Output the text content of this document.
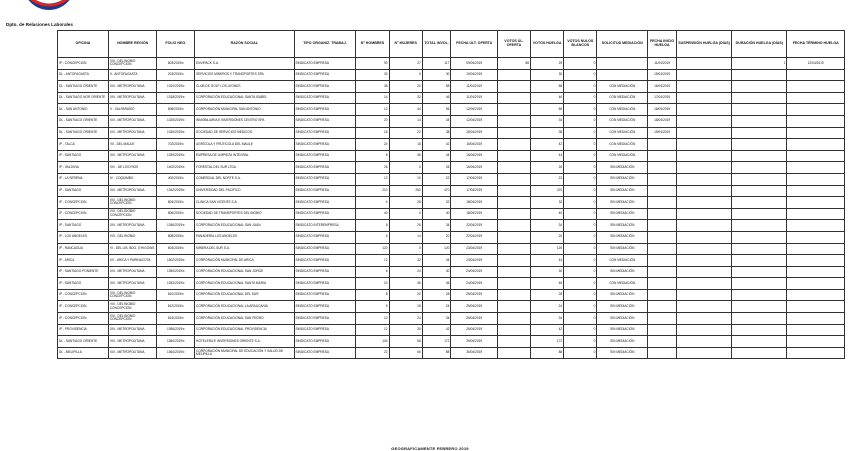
Dpto. de Relaciones Laborales
OFICINA	NOMBRE REGIÓN	FOLIO NEG.	RAZÓN SOCIAL	TIPO ORGANIZ. TRABAJ.	N° HOMBRES	N° MUJERES	TOTAL INVOL.	FECHA ÚLT. OFERTA	VOTOS ÚL. OFERTA	VOTOS HUELGA	VOTOS NULOS BLANCOS	SOLICITUD MEDIACIÓN	FECHA INICIO HUELGA	SUSPENSIÓN HUELGA (DÍAS)	DURACIÓN HUELGA (DÍAS)	FECHA TÉRMINO HUELGA
IP - CONCEPCION	VIII - DEL BIOBIO CONCEPCION	803/2019/x	ENVIPACK S.A.	SINDICATO EMPRESA	90	27	117	09/04/2019	88	29	0		11/04/2019		1	12/04/2019
DL - ANTOFAGASTA	II - ANTOFAGASTA	203/2019/x	SERVICIOS MINEROS Y TRANSPORTES SPA	SINDICATO EMPRESA	30	0	30	10/04/2019		30	0		15/04/2019			
DL - SANTIAGO ORIENTE	XIII - METROPOLITANA	1310/2019/x	CLUB DE GOLF LOS LEONES	SINDICATO EMPRESA	38	20	58	11/04/2019		58	0	CON MEDIACIÓN	16/04/2019			
DL - SANTIAGO NOR ORIENTE	XIII - METROPOLITANA	1318/2019/x	CORPORACIÓN EDUCACIONAL SANTA ISABEL	SINDICATO EMPRESA	14	32	46	11/04/2019		46	0	CON MEDIACIÓN	17/04/2019			
DL - SAN ANTONIO	V - VALPARAÍSO	508/2019/x	CORPORACIÓN MUNICIPAL SAN ANTONIO	SINDICATO EMPRESA	12	44	56	12/04/2019		56	0	CON MEDIACIÓN	18/04/2019			
DL - SANTIAGO ORIENTE	XIII - METROPOLITANA	1325/2019/x	INMOBILIARIA E INVERSIONES CENTRO SPA	SINDICATO EMPRESA	20	14	34	12/04/2019		34	0	CON MEDIACIÓN	18/04/2019			
DL - SANTIAGO ORIENTE	XIII - METROPOLITANA	1330/2019/x	SOCIEDAD DE SERVICIOS MEDICOS	SINDICATO EMPRESA	16	22	38	15/04/2019		38	0	CON MEDIACIÓN	19/04/2019			
IP - TALCA	VII - DEL MAULE	702/2019/x	AGRÍCOLA Y FRUTICOLA DEL MAULE	SINDICATO EMPRESA	24	18	42	15/04/2019		42	0	CON MEDIACIÓN				
IP - SANTIAGO	XIII - METROPOLITANA	1339/2019/x	EMPRESA DE LIMPIEZA INTEGRAL	SINDICATO EMPRESA	8	36	44	16/04/2019		44	0	CON MEDIACIÓN				
IP - VALDIVIA	XIV - DE LOS RIOS	1402/2019/x	FORESTAL DEL SUR LTDA.	SINDICATO EMPRESA	26	0	26	16/04/2019		26	0	SIN MEDIACIÓN				
IP - LA SERENA	IV - COQUIMBO	402/2019/x	COMERCIAL DEL NORTE S.A.	SINDICATO EMPRESA	12	10	22	17/04/2019		22	0	SIN MEDIACIÓN				
IP - SANTIAGO	XIII - METROPOLITANA	1342/2019/x	UNIVERSIDAD DEL PACIFICO	SINDICATO EMPRESA	210	260	470	17/04/2019		470	0	SIN MEDIACIÓN				
IP - CONCEPCION	VIII - DEL BIOBIO CONCEPCION	804/2019/x	CLINICA SAN VICENTE S.A.	SINDICATO EMPRESA	4	28	32	18/04/2019		32	0	SIN MEDIACIÓN				
IP - CONCEPCION	VIII - DEL BIOBIO CONCEPCION	806/2019/x	SOCIEDAD DE TRANSPORTES DEL BIOBIO	SINDICATO EMPRESA	40	0	40	18/04/2019		40	0	SIN MEDIACIÓN				
IP - SANTIAGO	XIII - METROPOLITANA	1346/2019/x	CORPORACIÓN EDUCACIONAL SAN JUAN	SINDICATO INTEREMPRESA	8	26	34	22/04/2019		34	0	SIN MEDIACIÓN				
IP - LOS ANGELES	VIII - DEL BIOBIO	808/2019/x	PANADERIA LOS ANGELES	SINDICATO EMPRESA	6	14	20	22/04/2019		20	0	SIN MEDIACIÓN				
IP - RANCAGUA	VI - DEL LIB. BDO. O'HIGGINS	604/2019/x	MINERA DEL SUR S.A.	SINDICATO EMPRESA	120	0	120	23/04/2019		120	0	SIN MEDIACIÓN				
IP - ARICA	XV - ARICA Y PARINACOTA	1502/2019/x	CORPORACIÓN MUNICIPAL DE ARICA	SINDICATO EMPRESA	12	32	44	23/04/2019		44	0	CON MEDIACIÓN				
IP - SANTIAGO PONIENTE	XIII - METROPOLITANA	1350/2019/x	CORPORACIÓN EDUCACIONAL SAN JORGE	SINDICATO EMPRESA	6	24	30	24/04/2019		30	0	SIN MEDIACIÓN				
IP - SANTIAGO	XIII - METROPOLITANA	1353/2019/x	CORPORACIÓN EDUCACIONAL SANTA MARIA	SINDICATO EMPRESA	10	36	46	24/04/2019		46	0	CON MEDIACIÓN				
IP - CONCEPCION	VIII - DEL BIOBIO CONCEPCION	810/2019/x	CORPORACIÓN EDUCACIONAL DEL SUR	SINDICATO EMPRESA	8	20	28	25/04/2019		28	0	SIN MEDIACIÓN				
IP - CONCEPCION	VIII - DEL BIOBIO CONCEPCION	812/2019/x	CORPORACIÓN EDUCACIONAL LA ARAUCANIA	SINDICATO EMPRESA	6	18	24	25/04/2019		24	0	SIN MEDIACIÓN				
IP - CONCEPCION	VIII - DEL BIOBIO CONCEPCION	814/2019/x	CORPORACIÓN EDUCACIONAL SAN PEDRO	SINDICATO EMPRESA	10	24	34	26/04/2019		34	0	SIN MEDIACIÓN				
IP - PROVIDENCIA	XIII - METROPOLITANA	1356/2019/x	CORPORACIÓN EDUCACIONAL PROVIDENCIA	SINDICATO EMPRESA	12	30	42	26/04/2019		42	0	SIN MEDIACIÓN				
DL - SANTIAGO ORIENTE	XIII - METROPOLITANA	1360/2019/x	HOTELERA E INVERSIONES ORIENTE S.A.	SINDICATO EMPRESA	104	68	172	29/04/2019		172	0	SIN MEDIACIÓN				
DL - MELIPILLA	XIII - METROPOLITANA	1364/2019/x	CORPORACIÓN MUNICIPAL DE EDUCACIÓN Y SALUD DE MELIPILLA	SINDICATO EMPRESA	22	66	88	30/04/2019		88	0	SIN MEDIACIÓN				
GEOGRAFICAMENTE FEBRERO 2019
